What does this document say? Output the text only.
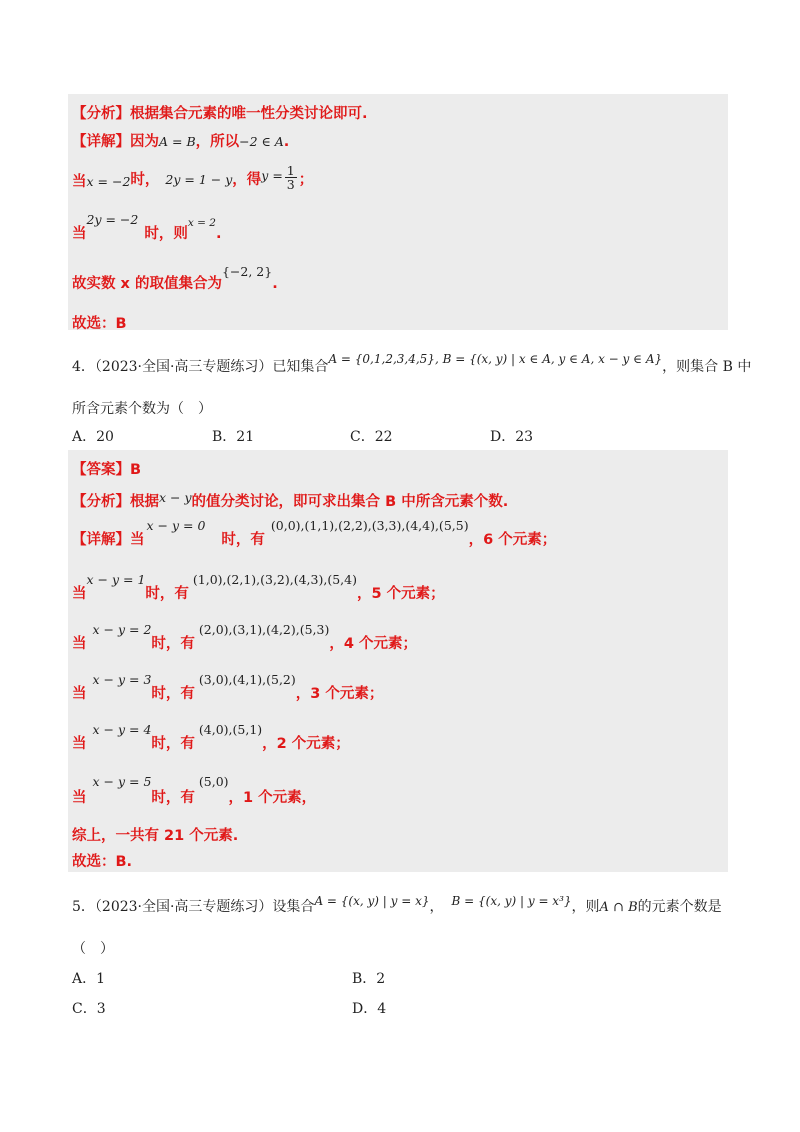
【分析】根据集合元素的唯一性分类讨论即可.
【详解】因为A = B，所以−2 ∈ A.
当x = −2时， 2y = 1 − y，得$y = \frac{1}{3}$ ；
当2y = −2时，则x = 2.
故实数 x 的取值集合为{−2, 2}.
故选：B
4．（2023·全国·高三专题练习）已知集合A = {0,1,2,3,4,5}, B = {(x, y) | x ∈ A, y ∈ A, x − y ∈ A}，则集合 B 中
所含元素个数为（　）
A．20	B．21	C．22	D．23
【答案】B
【分析】根据x − y的值分类讨论，即可求出集合 B 中所含元素个数.
【详解】当x − y = 0时，有(0,0),(1,1),(2,2),(3,3),(4,4),(5,5)，6 个元素；
当x − y = 1时，有(1,0),(2,1),(3,2),(4,3),(5,4)，5 个元素；
当x − y = 2时，有(2,0),(3,1),(4,2),(5,3)，4 个元素；
当x − y = 3时，有(3,0),(4,1),(5,2)，3 个元素；
当x − y = 4时，有(4,0),(5,1)，2 个元素；
当x − y = 5时，有(5,0)，1 个元素，
综上，一共有 21 个元素.
故选：B.
5．（2023·全国·高三专题练习）设集合A = {(x, y) | y = x}， B = {(x, y) | y = x³}，则A ∩ B的元素个数是
（　）
A．1	B．2
C．3	D．4
